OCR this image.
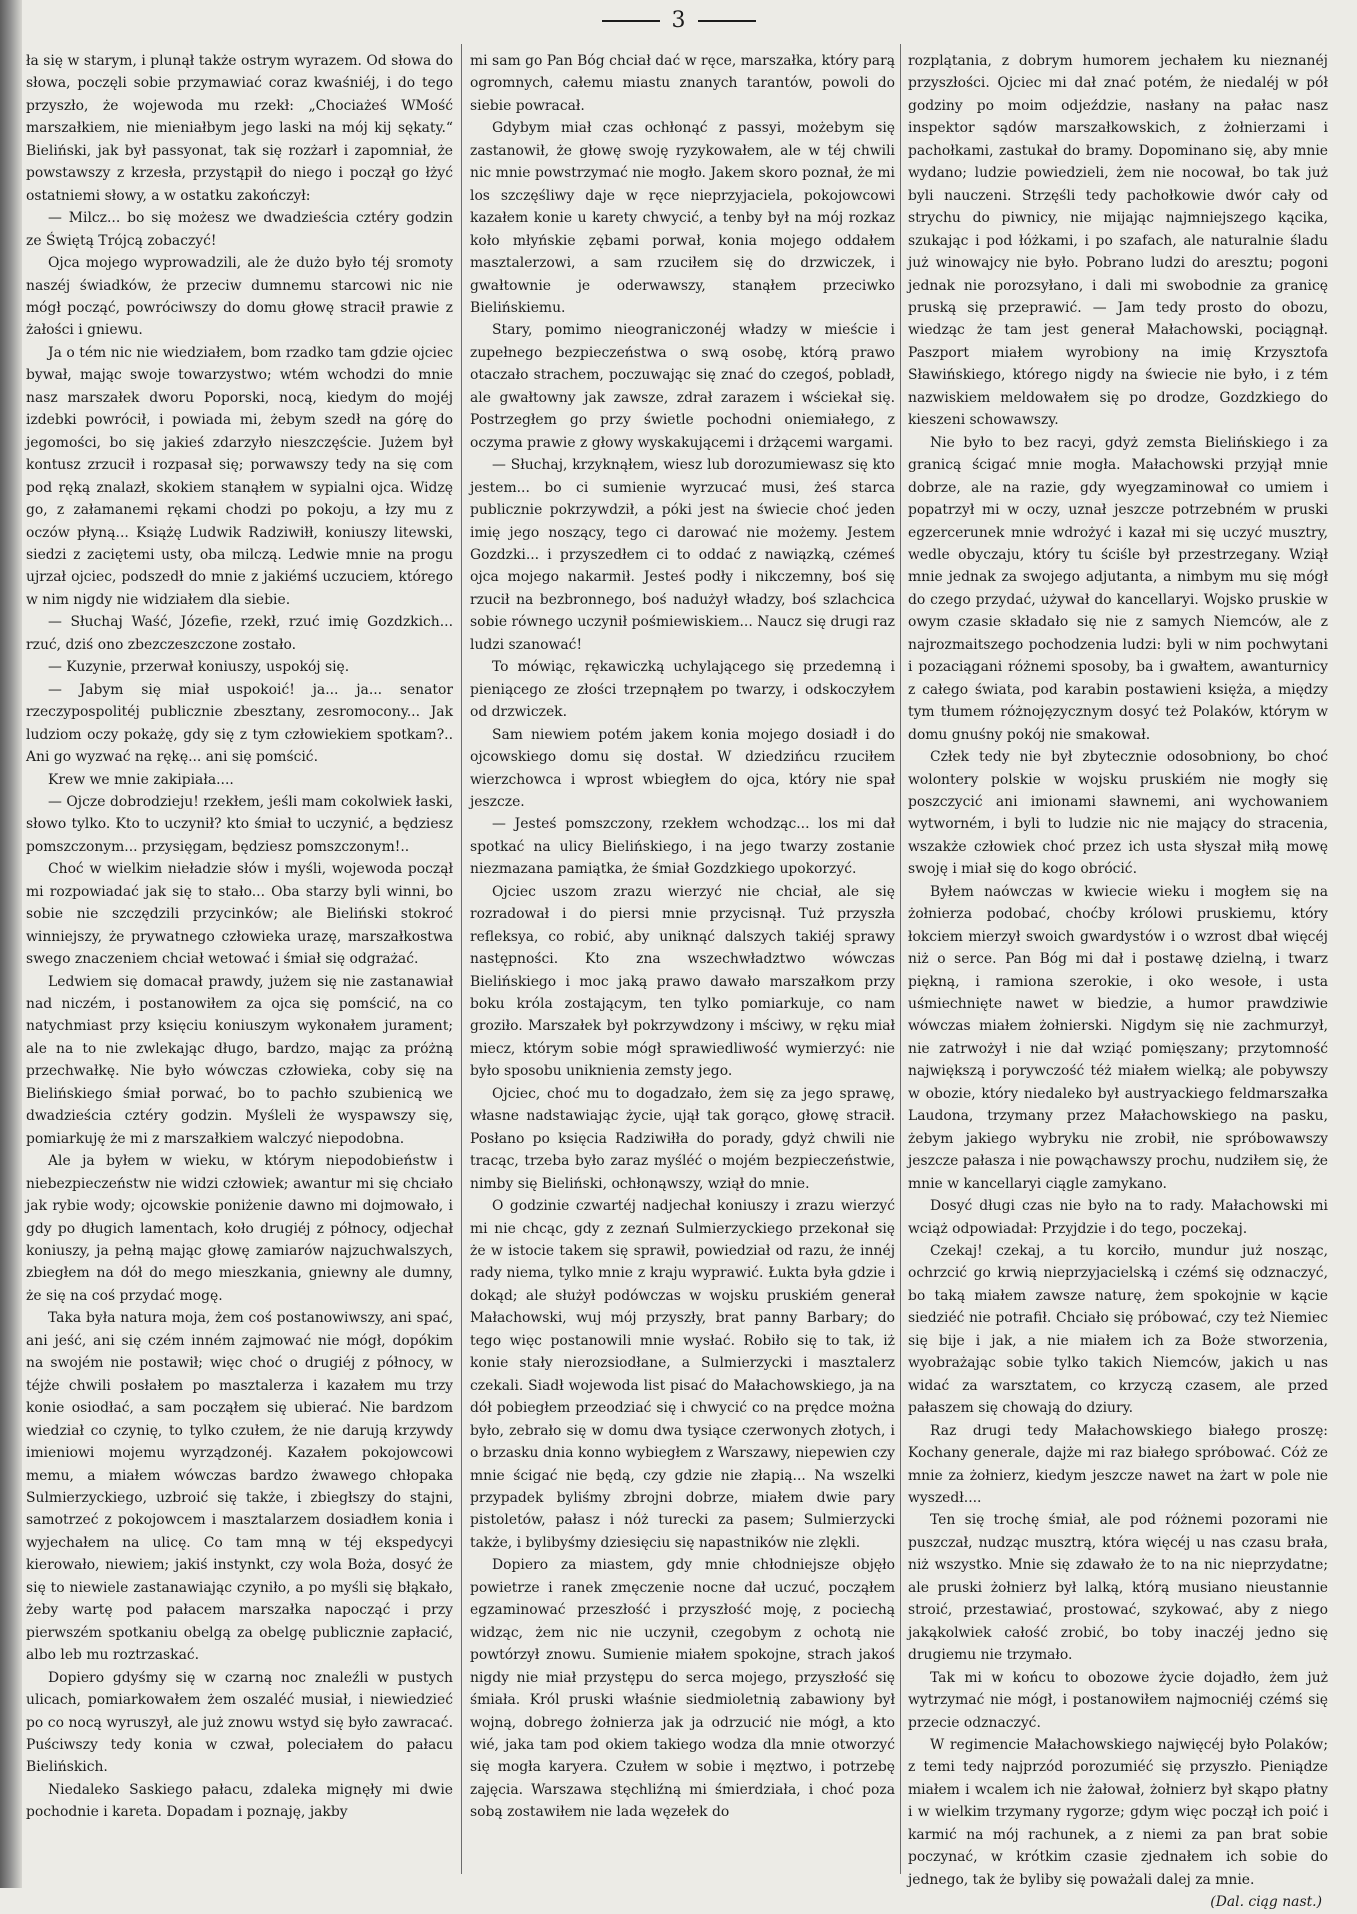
3

ła się w starym, i plunął także ostrym wyrazem. Od słowa do słowa, poczęli sobie przymawiać coraz kwaśniéj, i do tego przyszło, że wojewoda mu rzekł: „Chociażeś WMość marszałkiem, nie mieniałbym jego laski na mój kij sękaty.“ Bieliński, jak był passyonat, tak się rozżarł i zapomniał, że powstawszy z krzesła, przystąpił do niego i począł go łżyć ostatniemi słowy, a w ostatku zakończył:

— Milcz... bo się możesz we dwadzieścia cztéry godzin ze Świętą Trójcą zobaczyć!

Ojca mojego wyprowadzili, ale że dużo było téj sromoty naszéj świadków, że przeciw dumnemu starcowi nic nie mógł począć, powróciwszy do domu głowę stracił prawie z żałości i gniewu.

Ja o tém nic nie wiedziałem, bom rzadko tam gdzie ojciec bywał, mając swoje towarzystwo; wtém wchodzi do mnie nasz marszałek dworu Poporski, nocą, kiedym do mojéj izdebki powrócił, i powiada mi, żebym szedł na górę do jegomości, bo się jakieś zdarzyło nieszczęście. Jużem był kontusz zrzucił i rozpasał się; porwawszy tedy na się com pod ręką znalazł, skokiem stanąłem w sypialni ojca. Widzę go, z załamanemi rękami chodzi po pokoju, a łzy mu z oczów płyną... Książę Ludwik Radziwiłł, koniuszy litewski, siedzi z zaciętemi usty, oba milczą. Ledwie mnie na progu ujrzał ojciec, podszedł do mnie z jakiémś uczuciem, którego w nim nigdy nie widziałem dla siebie.

— Słuchaj Waść, Józefie, rzekł, rzuć imię Gozdzkich... rzuć, dziś ono zbezczeszczone zostało.

— Kuzynie, przerwał koniuszy, uspokój się.

— Jabym się miał uspokoić! ja... ja... senator rzeczypospolitéj publicznie zbesztany, zesromocony... Jak ludziom oczy pokażę, gdy się z tym człowiekiem spotkam?.. Ani go wyzwać na rękę... ani się pomścić.

Krew we mnie zakipiała....

— Ojcze dobrodzieju! rzekłem, jeśli mam cokolwiek łaski, słowo tylko. Kto to uczynił? kto śmiał to uczynić, a będziesz pomszczonym... przysięgam, będziesz pomszczonym!..

Choć w wielkim nieładzie słów i myśli, wojewoda począł mi rozpowiadać jak się to stało... Oba starzy byli winni, bo sobie nie szczędzili przycinków; ale Bieliński stokroć winniejszy, że prywatnego człowieka urazę, marszałkostwa swego znaczeniem chciał wetować i śmiał się odgrażać.

Ledwiem się domacał prawdy, jużem się nie zastanawiał nad niczém, i postanowiłem za ojca się pomścić, na co natychmiast przy księciu koniuszym wykonałem jurament; ale na to nie zwlekając długo, bardzo, mając za próżną przechwałkę. Nie było wówczas człowieka, coby się na Bielińskiego śmiał porwać, bo to pachło szubienicą we dwadzieścia cztéry godzin. Myśleli że wyspawszy się, pomiarkuję że mi z marszałkiem walczyć niepodobna.

Ale ja byłem w wieku, w którym niepodobieństw i niebezpieczeństw nie widzi człowiek; awantur mi się chciało jak rybie wody; ojcowskie poniżenie dawno mi dojmowało, i gdy po długich lamentach, koło drugiéj z północy, odjechał koniuszy, ja pełną mając głowę zamiarów najzuchwalszych, zbiegłem na dół do mego mieszkania, gniewny ale dumny, że się na coś przydać mogę.

Taka była natura moja, żem coś postanowiwszy, ani spać, ani jeść, ani się czém inném zajmować nie mógł, dopókim na swojém nie postawił; więc choć o drugiéj z północy, w téjże chwili posłałem po masztalerza i kazałem mu trzy konie osiodłać, a sam począłem się ubierać. Nie bardzom wiedział co czynię, to tylko czułem, że nie darują krzywdy imieniowi mojemu wyrządzonéj. Kazałem pokojowcowi memu, a miałem wówczas bardzo żwawego chłopaka Sulmierzyckiego, uzbroić się także, i zbiegłszy do stajni, samotrzeć z pokojowcem i masztalarzem dosiadłem konia i wyjechałem na ulicę. Co tam mną w téj ekspedycyi kierowało, niewiem; jakiś instynkt, czy wola Boża, dosyć że się to niewiele zastanawiając czyniło, a po myśli się błąkało, żeby wartę pod pałacem marszałka napocząć i przy pierwszém spotkaniu obelgą za obelgę publicznie zapłacić, albo leb mu roztrzaskać.

Dopiero gdyśmy się w czarną noc znaleźli w pustych ulicach, pomiarkowałem żem oszaléć musiał, i niewiedzieć po co nocą wyruszył, ale już znowu wstyd się było zawracać. Puściwszy tedy konia w czwał, poleciałem do pałacu Bielińskich.

Niedaleko Saskiego pałacu, zdaleka mignęły mi dwie pochodnie i kareta. Dopadam i poznaję, jakby

mi sam go Pan Bóg chciał dać w ręce, marszałka, który parą ogromnych, całemu miastu znanych tarantów, powoli do siebie powracał.

Gdybym miał czas ochłonąć z passyi, możebym się zastanowił, że głowę swoję ryzykowałem, ale w téj chwili nic mnie powstrzymać nie mogło. Jakem skoro poznał, że mi los szczęśliwy daje w ręce nieprzyjaciela, pokojowcowi kazałem konie u karety chwycić, a tenby był na mój rozkaz koło młyńskie zębami porwał, konia mojego oddałem masztalerzowi, a sam rzuciłem się do drzwiczek, i gwałtownie je oderwawszy, stanąłem przeciwko Bielińskiemu.

Stary, pomimo nieograniczonéj władzy w mieście i zupełnego bezpieczeństwa o swą osobę, którą prawo otaczało strachem, poczuwając się znać do czegoś, pobladł, ale gwałtowny jak zawsze, zdrał zarazem i wściekał się. Postrzegłem go przy świetle pochodni oniemiałego, z oczyma prawie z głowy wyskakującemi i drżącemi wargami.

— Słuchaj, krzyknąłem, wiesz lub dorozumiewasz się kto jestem... bo ci sumienie wyrzucać musi, żeś starca publicznie pokrzywdził, a póki jest na świecie choć jeden imię jego noszący, tego ci darować nie możemy. Jestem Gozdzki... i przyszedłem ci to oddać z nawiązką, czémeś ojca mojego nakarmił. Jesteś podły i nikczemny, boś się rzucił na bezbronnego, boś nadużył władzy, boś szlachcica sobie równego uczynił pośmiewiskiem... Naucz się drugi raz ludzi szanować!

To mówiąc, rękawiczką uchylającego się przedemną i pieniącego ze złości trzepnąłem po twarzy, i odskoczyłem od drzwiczek.

Sam niewiem potém jakem konia mojego dosiadł i do ojcowskiego domu się dostał. W dziedzińcu rzuciłem wierzchowca i wprost wbiegłem do ojca, który nie spał jeszcze.

— Jesteś pomszczony, rzekłem wchodząc... los mi dał spotkać na ulicy Bielińskiego, i na jego twarzy zostanie niezmazana pamiątka, że śmiał Gozdzkiego upokorzyć.

Ojciec uszom zrazu wierzyć nie chciał, ale się rozradował i do piersi mnie przycisnął. Tuż przyszła refleksya, co robić, aby uniknąć dalszych takiéj sprawy następności. Kto zna wszechwładztwo wówczas Bielińskiego i moc jaką prawo dawało marszałkom przy boku króla zostającym, ten tylko pomiarkuje, co nam groziło. Marszałek był pokrzywdzony i mściwy, w ręku miał miecz, którym sobie mógł sprawiedliwość wymierzyć: nie było sposobu uniknienia zemsty jego.

Ojciec, choć mu to dogadzało, żem się za jego sprawę, własne nadstawiając życie, ujął tak gorąco, głowę stracił. Posłano po księcia Radziwiłła do porady, gdyż chwili nie tracąc, trzeba było zaraz myśléć o mojém bezpieczeństwie, nimby się Bieliński, ochłonąwszy, wziął do mnie.

O godzinie czwartéj nadjechał koniuszy i zrazu wierzyć mi nie chcąc, gdy z zeznań Sulmierzyckiego przekonał się że w istocie takem się sprawił, powiedział od razu, że innéj rady niema, tylko mnie z kraju wyprawić. Łukta była gdzie i dokąd; ale służył podówczas w wojsku pruskiém generał Małachowski, wuj mój przyszły, brat panny Barbary; do tego więc postanowili mnie wysłać. Robiło się to tak, iż konie stały nierozsiodłane, a Sulmierzycki i masztalerz czekali. Siadł wojewoda list pisać do Małachowskiego, ja na dół pobiegłem przeodziać się i chwycić co na prędce można było, zebrało się w domu dwa tysiące czerwonych złotych, i o brzasku dnia konno wybiegłem z Warszawy, niepewien czy mnie ścigać nie będą, czy gdzie nie złapią... Na wszelki przypadek byliśmy zbrojni dobrze, miałem dwie pary pistoletów, pałasz i nóż turecki za pasem; Sulmierzycki także, i bylibyśmy dziesięciu się napastników nie zlękli.

Dopiero za miastem, gdy mnie chłodniejsze objęło powietrze i ranek zmęczenie nocne dał uczuć, począłem egzaminować przeszłość i przyszłość moję, z pociechą widząc, żem nic nie uczynił, czegobym z ochotą nie powtórzył znowu. Sumienie miałem spokojne, strach jakoś nigdy nie miał przystępu do serca mojego, przyszłość się śmiała. Król pruski właśnie siedmioletnią zabawiony był wojną, dobrego żołnierza jak ja odrzucić nie mógł, a kto wié, jaka tam pod okiem takiego wodza dla mnie otworzyć się mogła karyera. Czułem w sobie i męztwo, i potrzebę zajęcia. Warszawa stęchliźną mi śmierdziała, i choć poza sobą zostawiłem nie lada węzełek do

rozplątania, z dobrym humorem jechałem ku nieznanéj przyszłości. Ojciec mi dał znać potém, że niedaléj w pół godziny po moim odjeździe, nasłany na pałac nasz inspektor sądów marszałkowskich, z żołnierzami i pachołkami, zastukał do bramy. Dopominano się, aby mnie wydano; ludzie powiedzieli, żem nie nocował, bo tak już byli nauczeni. Strzęśli tedy pachołkowie dwór cały od strychu do piwnicy, nie mijając najmniejszego kącika, szukając i pod łóżkami, i po szafach, ale naturalnie śladu już winowajcy nie było. Pobrano ludzi do aresztu; pogoni jednak nie porozsyłano, i dali mi swobodnie za granicę pruską się przeprawić. — Jam tedy prosto do obozu, wiedząc że tam jest generał Małachowski, pociągnął. Paszport miałem wyrobiony na imię Krzysztofa Sławińskiego, którego nigdy na świecie nie było, i z tém nazwiskiem meldowałem się po drodze, Gozdzkiego do kieszeni schowawszy.

Nie było to bez racyi, gdyż zemsta Bielińskiego i za granicą ścigać mnie mogła. Małachowski przyjął mnie dobrze, ale na razie, gdy wyegzaminował co umiem i popatrzył mi w oczy, uznał jeszcze potrzebném w pruski egzercerunek mnie wdrożyć i kazał mi się uczyć musztry, wedle obyczaju, który tu ściśle był przestrzegany. Wziął mnie jednak za swojego adjutanta, a nimbym mu się mógł do czego przydać, używał do kancellaryi. Wojsko pruskie w owym czasie składało się nie z samych Niemców, ale z najrozmaitszego pochodzenia ludzi: byli w nim pochwytani i pozaciągani różnemi sposoby, ba i gwałtem, awanturnicy z całego świata, pod karabin postawieni księża, a między tym tłumem różnojęzycznym dosyć też Polaków, którym w domu gnuśny pokój nie smakował.

Człek tedy nie był zbytecznie odosobniony, bo choć wolontery polskie w wojsku pruskiém nie mogły się poszczycić ani imionami sławnemi, ani wychowaniem wytworném, i byli to ludzie nic nie mający do stracenia, wszakże człowiek choć przez ich usta słyszał miłą mowę swoję i miał się do kogo obrócić.

Byłem naówczas w kwiecie wieku i mogłem się na żołnierza podobać, choćby królowi pruskiemu, który łokciem mierzył swoich gwardystów i o wzrost dbał więcéj niż o serce. Pan Bóg mi dał i postawę dzielną, i twarz piękną, i ramiona szerokie, i oko wesołe, i usta uśmiechnięte nawet w biedzie, a humor prawdziwie wówczas miałem żołnierski. Nigdym się nie zachmurzył, nie zatrwożył i nie dał wziąć pomięszany; przytomność największą i porywczość téż miałem wielką; ale pobywszy w obozie, który niedaleko był austryackiego feldmarszałka Laudona, trzymany przez Małachowskiego na pasku, żebym jakiego wybryku nie zrobił, nie spróbowawszy jeszcze pałasza i nie powąchawszy prochu, nudziłem się, że mnie w kancellaryi ciągle zamykano.

Dosyć długi czas nie było na to rady. Małachowski mi wciąż odpowiadał: Przyjdzie i do tego, poczekaj.

Czekaj! czekaj, a tu korciło, mundur już nosząc, ochrzcić go krwią nieprzyjacielską i czémś się odznaczyć, bo taką miałem zawsze naturę, żem spokojnie w kącie siedziéć nie potrafił. Chciało się próbować, czy też Niemiec się bije i jak, a nie miałem ich za Boże stworzenia, wyobrażając sobie tylko takich Niemców, jakich u nas widać za warsztatem, co krzyczą czasem, ale przed pałaszem się chowają do dziury.

Raz drugi tedy Małachowskiego białego proszę: Kochany generale, dajże mi raz białego spróbować. Cóż ze mnie za żołnierz, kiedym jeszcze nawet na żart w pole nie wyszedł....

Ten się trochę śmiał, ale pod różnemi pozorami nie puszczał, nudząc musztrą, która więcéj u nas czasu brała, niż wszystko. Mnie się zdawało że to na nic nieprzydatne; ale pruski żołnierz był lalką, którą musiano nieustannie stroić, przestawiać, prostować, szykować, aby z niego jakąkolwiek całość zrobić, bo toby inaczéj jedno się drugiemu nie trzymało.

Tak mi w końcu to obozowe życie dojadło, żem już wytrzymać nie mógł, i postanowiłem najmocniéj czémś się przecie odznaczyć.

W regimencie Małachowskiego najwięcéj było Polaków; z temi tedy najprzód porozumiéć się przyszło. Pieniądze miałem i wcalem ich nie żałował, żołnierz był skąpo płatny i w wielkim trzymany rygorze; gdym więc począł ich poić i karmić na mój rachunek, a z niemi za pan brat sobie poczynać, w krótkim czasie zjednałem ich sobie do jednego, tak że byliby się poważali dalej za mnie.

(Dal. ciąg nast.)
